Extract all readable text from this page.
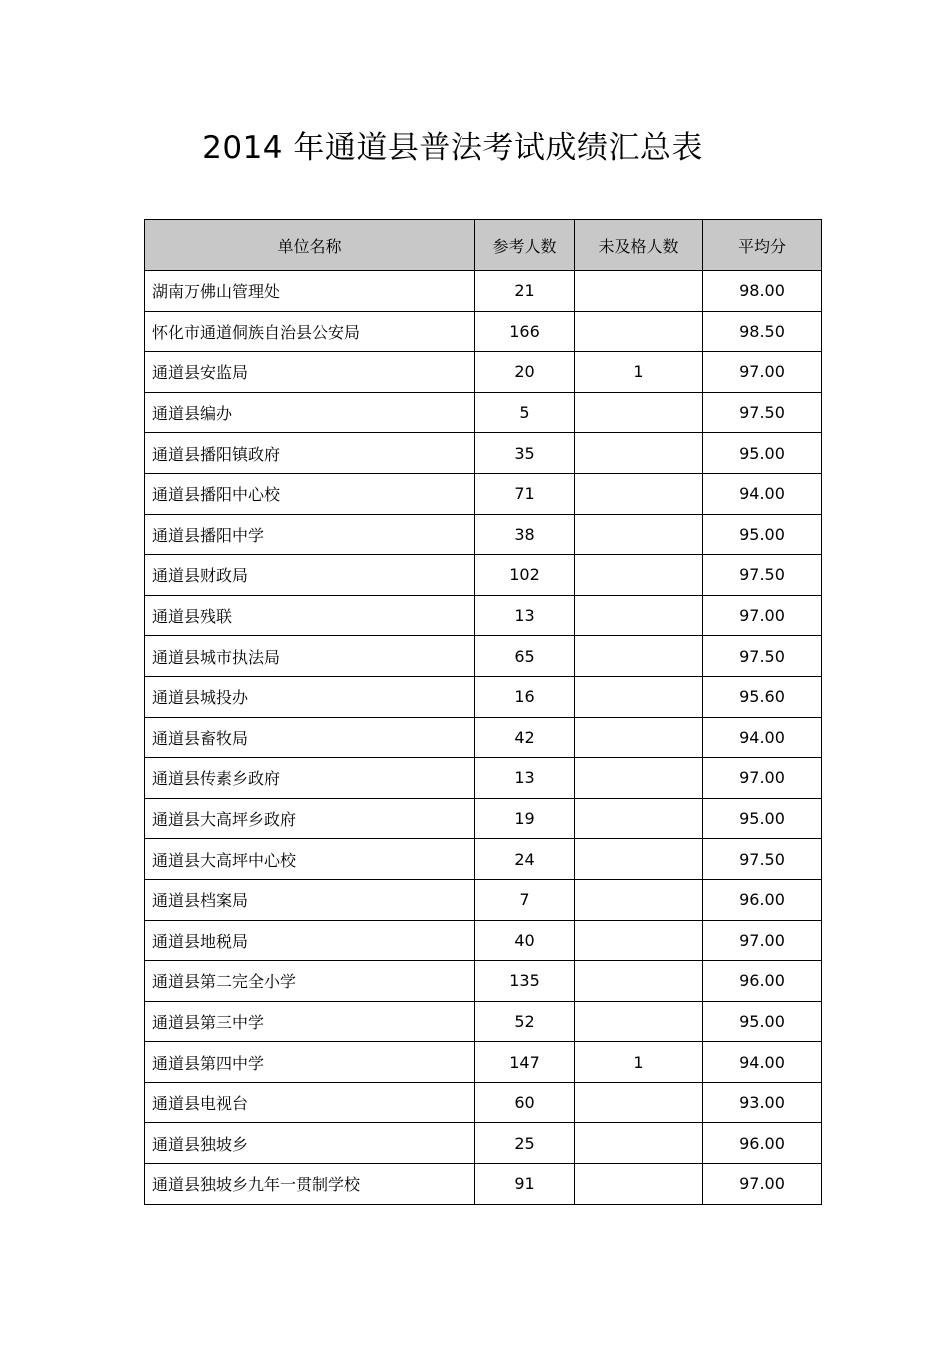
2014 年通道县普法考试成绩汇总表
单位名称	参考人数	未及格人数	平均分
湖南万佛山管理处	21		98.00
怀化市通道侗族自治县公安局	166		98.50
通道县安监局	20	1	97.00
通道县编办	5		97.50
通道县播阳镇政府	35		95.00
通道县播阳中心校	71		94.00
通道县播阳中学	38		95.00
通道县财政局	102		97.50
通道县残联	13		97.00
通道县城市执法局	65		97.50
通道县城投办	16		95.60
通道县畜牧局	42		94.00
通道县传素乡政府	13		97.00
通道县大高坪乡政府	19		95.00
通道县大高坪中心校	24		97.50
通道县档案局	7		96.00
通道县地税局	40		97.00
通道县第二完全小学	135		96.00
通道县第三中学	52		95.00
通道县第四中学	147	1	94.00
通道县电视台	60		93.00
通道县独坡乡	25		96.00
通道县独坡乡九年一贯制学校	91		97.00
